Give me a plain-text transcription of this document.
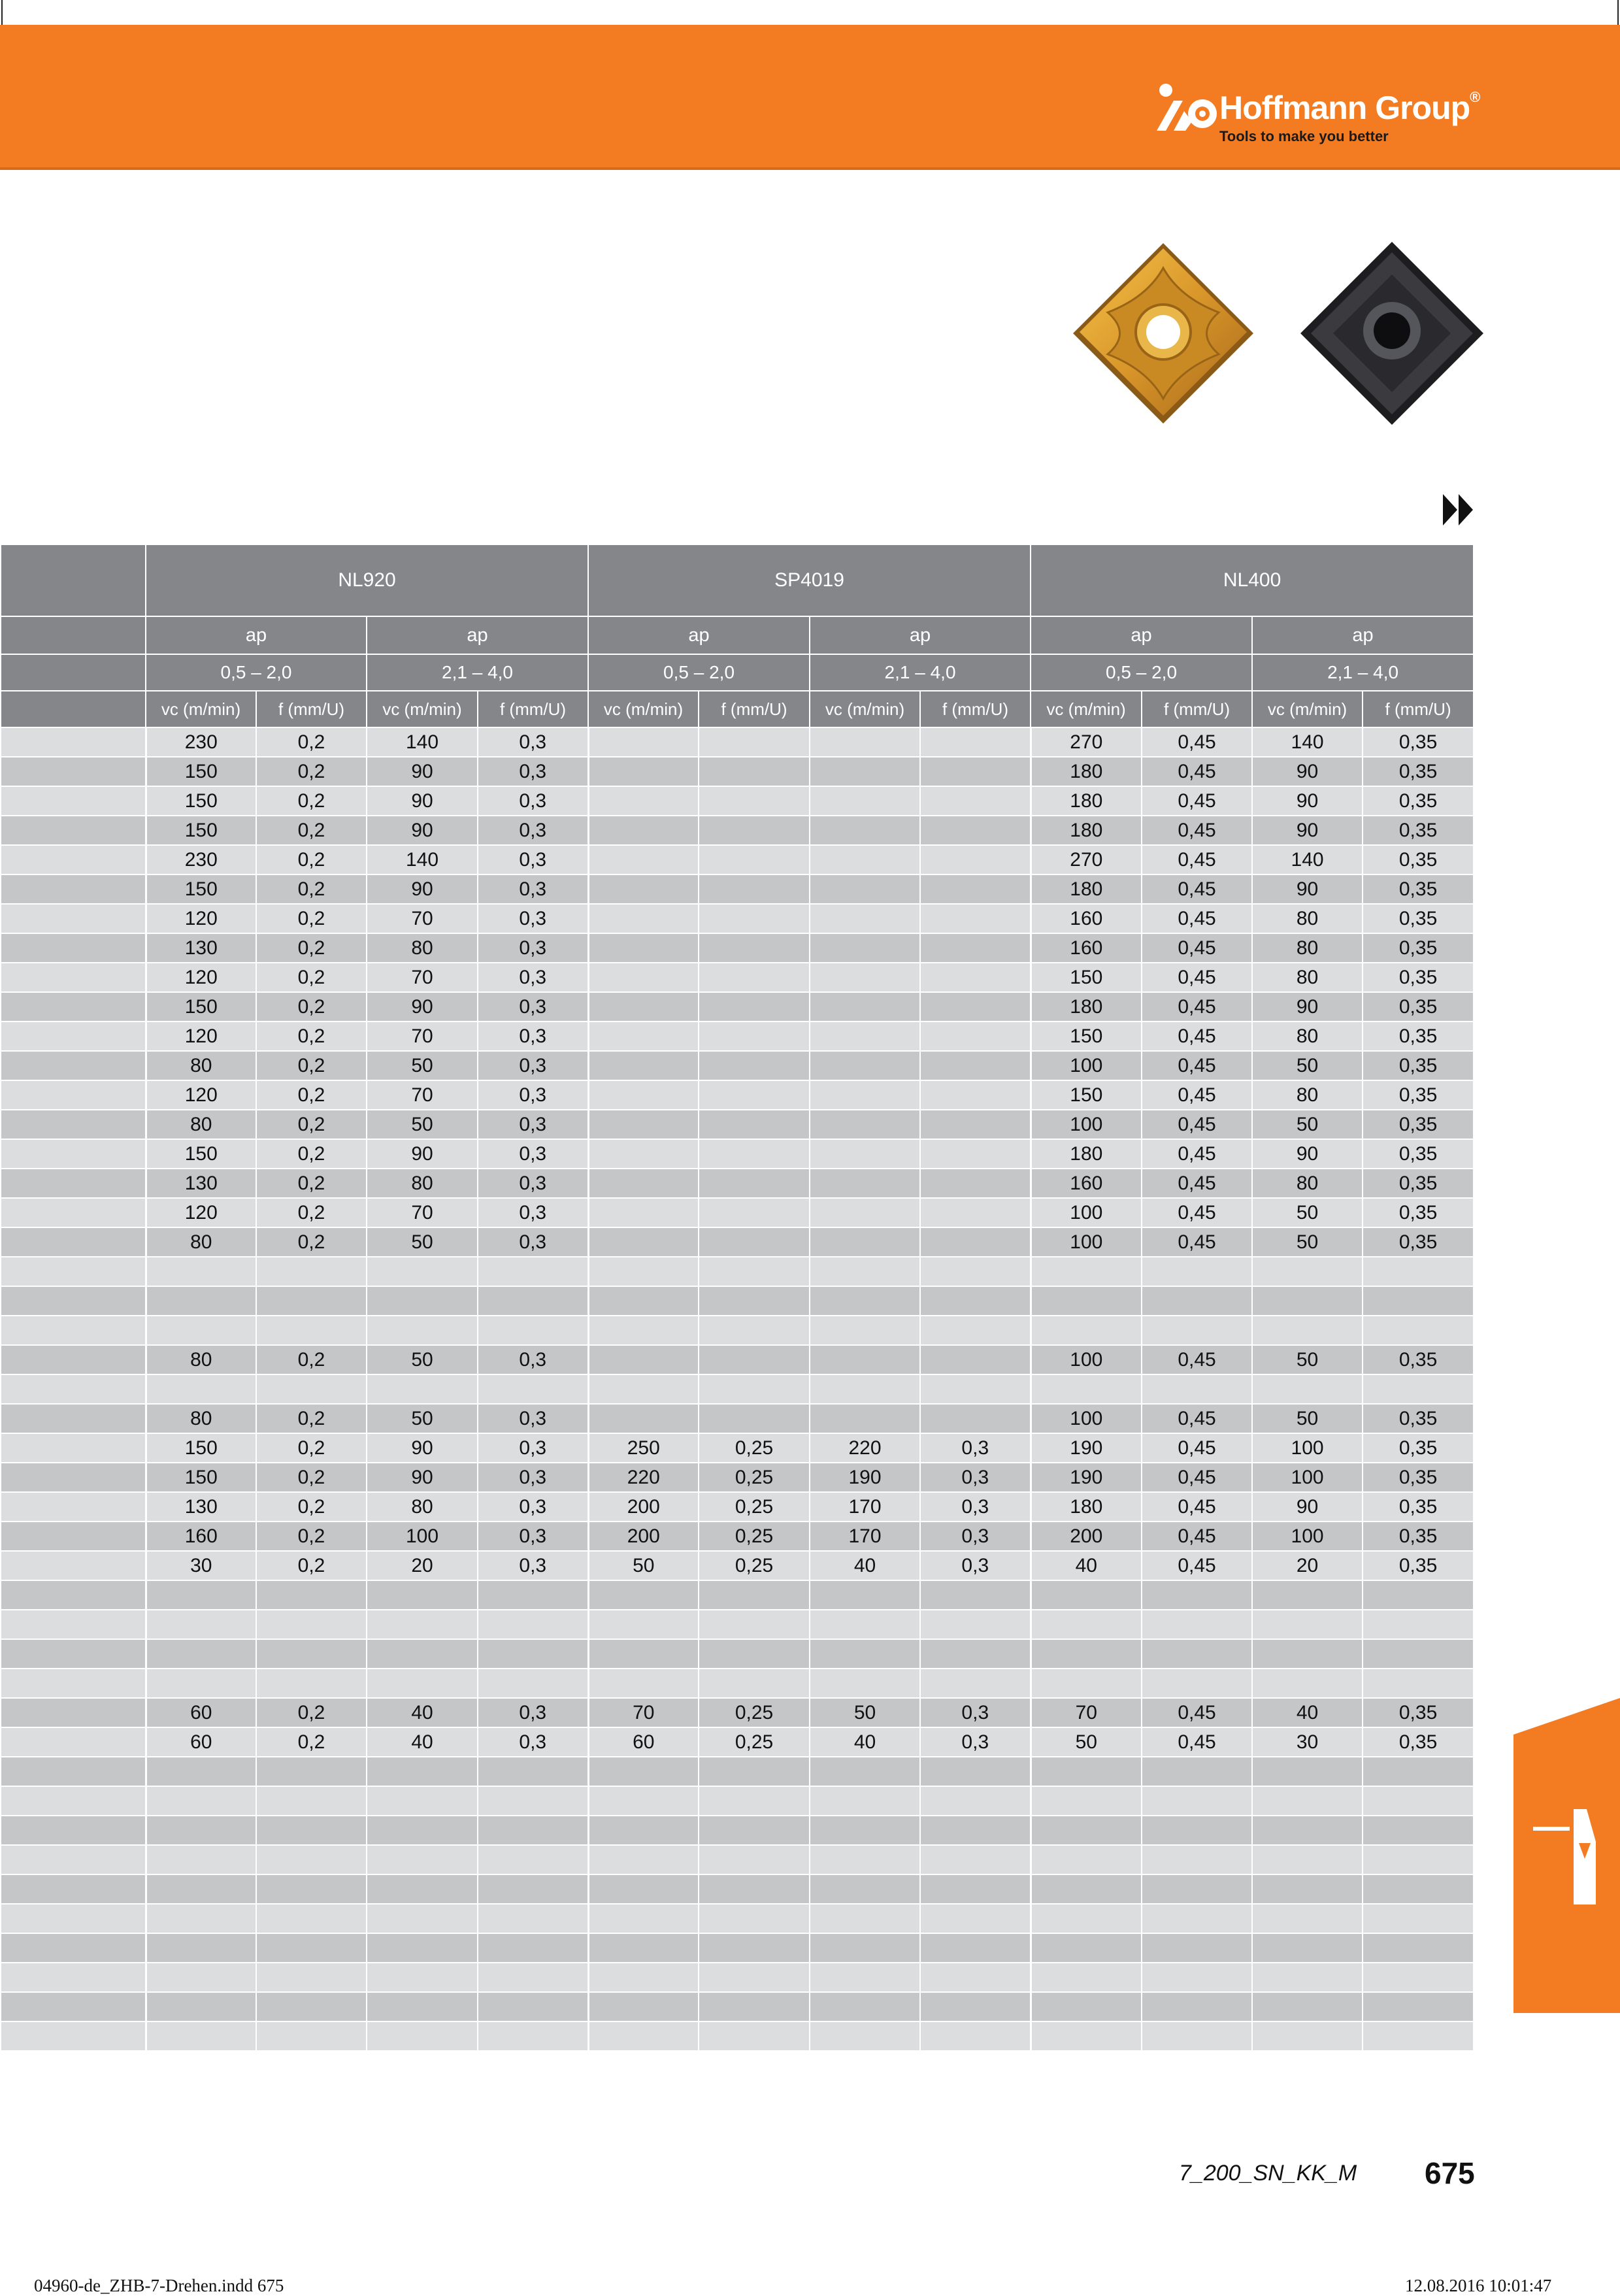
Hoffmann Group®
Tools to make you better
	NL920				SP4019				NL400			
	ap		ap		ap		ap		ap		ap	
	0,5 – 2,0		2,1 – 4,0		0,5 – 2,0		2,1 – 4,0		0,5 – 2,0		2,1 – 4,0	
	vc (m/min)	f (mm/U)	vc (m/min)	f (mm/U)	vc (m/min)	f (mm/U)	vc (m/min)	f (mm/U)	vc (m/min)	f (mm/U)	vc (m/min)	f (mm/U)
	230	0,2	140	0,3					270	0,45	140	0,35
	150	0,2	90	0,3					180	0,45	90	0,35
	150	0,2	90	0,3					180	0,45	90	0,35
	150	0,2	90	0,3					180	0,45	90	0,35
	230	0,2	140	0,3					270	0,45	140	0,35
	150	0,2	90	0,3					180	0,45	90	0,35
	120	0,2	70	0,3					160	0,45	80	0,35
	130	0,2	80	0,3					160	0,45	80	0,35
	120	0,2	70	0,3					150	0,45	80	0,35
	150	0,2	90	0,3					180	0,45	90	0,35
	120	0,2	70	0,3					150	0,45	80	0,35
	80	0,2	50	0,3					100	0,45	50	0,35
	120	0,2	70	0,3					150	0,45	80	0,35
	80	0,2	50	0,3					100	0,45	50	0,35
	150	0,2	90	0,3					180	0,45	90	0,35
	130	0,2	80	0,3					160	0,45	80	0,35
	120	0,2	70	0,3					100	0,45	50	0,35
	80	0,2	50	0,3					100	0,45	50	0,35

	80	0,2	50	0,3					100	0,45	50	0,35

	80	0,2	50	0,3					100	0,45	50	0,35
	150	0,2	90	0,3	250	0,25	220	0,3	190	0,45	100	0,35
	150	0,2	90	0,3	220	0,25	190	0,3	190	0,45	100	0,35
	130	0,2	80	0,3	200	0,25	170	0,3	180	0,45	90	0,35
	160	0,2	100	0,3	200	0,25	170	0,3	200	0,45	100	0,35
	30	0,2	20	0,3	50	0,25	40	0,3	40	0,45	20	0,35

	60	0,2	40	0,3	70	0,25	50	0,3	70	0,45	40	0,35
	60	0,2	40	0,3	60	0,25	40	0,3	50	0,45	30	0,35

7_200_SN_KK_M 675
04960-de_ZHB-7-Drehen.indd 675	12.08.2016 10:01:47
